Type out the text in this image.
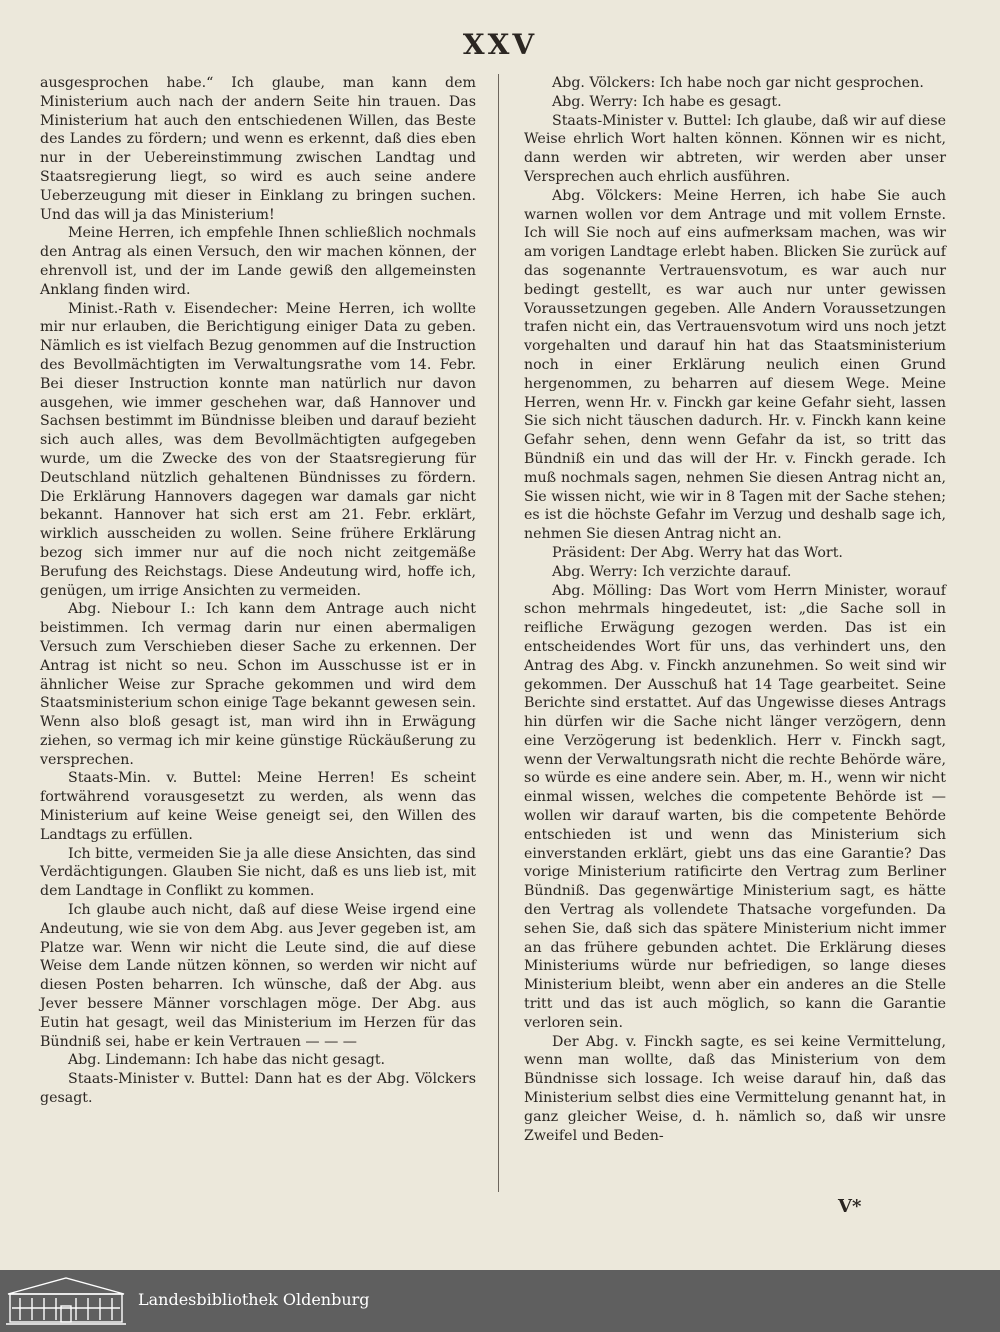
XXV

ausgesprochen habe.“ Ich glaube, man kann dem Ministerium auch nach der andern Seite hin trauen. Das Ministerium hat auch den entschiedenen Willen, das Beste des Landes zu fördern; und wenn es erkennt, daß dies eben nur in der Uebereinstimmung zwischen Landtag und Staatsregierung liegt, so wird es auch seine andere Ueberzeugung mit dieser in Einklang zu bringen suchen. Und das will ja das Ministerium!

Meine Herren, ich empfehle Ihnen schließlich nochmals den Antrag als einen Versuch, den wir machen können, der ehrenvoll ist, und der im Lande gewiß den allgemeinsten Anklang finden wird.

Minist.-Rath v. Eisendecher: Meine Herren, ich wollte mir nur erlauben, die Berichtigung einiger Data zu geben. Nämlich es ist vielfach Bezug genommen auf die Instruction des Bevollmächtigten im Verwaltungsrathe vom 14. Febr. Bei dieser Instruction konnte man natürlich nur davon ausgehen, wie immer geschehen war, daß Hannover und Sachsen bestimmt im Bündnisse bleiben und darauf bezieht sich auch alles, was dem Bevollmächtigten aufgegeben wurde, um die Zwecke des von der Staatsregierung für Deutschland nützlich gehaltenen Bündnisses zu fördern. Die Erklärung Hannovers dagegen war damals gar nicht bekannt. Hannover hat sich erst am 21. Febr. erklärt, wirklich ausscheiden zu wollen. Seine frühere Erklärung bezog sich immer nur auf die noch nicht zeitgemäße Berufung des Reichstags. Diese Andeutung wird, hoffe ich, genügen, um irrige Ansichten zu vermeiden.

Abg. Niebour I.: Ich kann dem Antrage auch nicht beistimmen. Ich vermag darin nur einen abermaligen Versuch zum Verschieben dieser Sache zu erkennen. Der Antrag ist nicht so neu. Schon im Ausschusse ist er in ähnlicher Weise zur Sprache gekommen und wird dem Staatsministerium schon einige Tage bekannt gewesen sein. Wenn also bloß gesagt ist, man wird ihn in Erwägung ziehen, so vermag ich mir keine günstige Rückäußerung zu versprechen.

Staats-Min. v. Buttel: Meine Herren! Es scheint fortwährend vorausgesetzt zu werden, als wenn das Ministerium auf keine Weise geneigt sei, den Willen des Landtags zu erfüllen.

Ich bitte, vermeiden Sie ja alle diese Ansichten, das sind Verdächtigungen. Glauben Sie nicht, daß es uns lieb ist, mit dem Landtage in Conflikt zu kommen.

Ich glaube auch nicht, daß auf diese Weise irgend eine Andeutung, wie sie von dem Abg. aus Jever gegeben ist, am Platze war. Wenn wir nicht die Leute sind, die auf diese Weise dem Lande nützen können, so werden wir nicht auf diesen Posten beharren. Ich wünsche, daß der Abg. aus Jever bessere Männer vorschlagen möge. Der Abg. aus Eutin hat gesagt, weil das Ministerium im Herzen für das Bündniß sei, habe er kein Vertrauen — — —

Abg. Lindemann: Ich habe das nicht gesagt.

Staats-Minister v. Buttel: Dann hat es der Abg. Völckers gesagt.

Abg. Völckers: Ich habe noch gar nicht gesprochen.

Abg. Werry: Ich habe es gesagt.

Staats-Minister v. Buttel: Ich glaube, daß wir auf diese Weise ehrlich Wort halten können. Können wir es nicht, dann werden wir abtreten, wir werden aber unser Versprechen auch ehrlich ausführen.

Abg. Völckers: Meine Herren, ich habe Sie auch warnen wollen vor dem Antrage und mit vollem Ernste. Ich will Sie noch auf eins aufmerksam machen, was wir am vorigen Landtage erlebt haben. Blicken Sie zurück auf das sogenannte Vertrauensvotum, es war auch nur bedingt gestellt, es war auch nur unter gewissen Voraussetzungen gegeben. Alle Andern Voraussetzungen trafen nicht ein, das Vertrauensvotum wird uns noch jetzt vorgehalten und darauf hin hat das Staatsministerium noch in einer Erklärung neulich einen Grund hergenommen, zu beharren auf diesem Wege. Meine Herren, wenn Hr. v. Finckh gar keine Gefahr sieht, lassen Sie sich nicht täuschen dadurch. Hr. v. Finckh kann keine Gefahr sehen, denn wenn Gefahr da ist, so tritt das Bündniß ein und das will der Hr. v. Finckh gerade. Ich muß nochmals sagen, nehmen Sie diesen Antrag nicht an, Sie wissen nicht, wie wir in 8 Tagen mit der Sache stehen; es ist die höchste Gefahr im Verzug und deshalb sage ich, nehmen Sie diesen Antrag nicht an.

Präsident: Der Abg. Werry hat das Wort.

Abg. Werry: Ich verzichte darauf.

Abg. Mölling: Das Wort vom Herrn Minister, worauf schon mehrmals hingedeutet, ist: „die Sache soll in reifliche Erwägung gezogen werden. Das ist ein entscheidendes Wort für uns, das verhindert uns, den Antrag des Abg. v. Finckh anzunehmen. So weit sind wir gekommen. Der Ausschuß hat 14 Tage gearbeitet. Seine Berichte sind erstattet. Auf das Ungewisse dieses Antrags hin dürfen wir die Sache nicht länger verzögern, denn eine Verzögerung ist bedenklich. Herr v. Finckh sagt, wenn der Verwaltungsrath nicht die rechte Behörde wäre, so würde es eine andere sein. Aber, m. H., wenn wir nicht einmal wissen, welches die competente Behörde ist — wollen wir darauf warten, bis die competente Behörde entschieden ist und wenn das Ministerium sich einverstanden erklärt, giebt uns das eine Garantie? Das vorige Ministerium ratificirte den Vertrag zum Berliner Bündniß. Das gegenwärtige Ministerium sagt, es hätte den Vertrag als vollendete Thatsache vorgefunden. Da sehen Sie, daß sich das spätere Ministerium nicht immer an das frühere gebunden achtet. Die Erklärung dieses Ministeriums würde nur befriedigen, so lange dieses Ministerium bleibt, wenn aber ein anderes an die Stelle tritt und das ist auch möglich, so kann die Garantie verloren sein.

Der Abg. v. Finckh sagte, es sei keine Vermittelung, wenn man wollte, daß das Ministerium von dem Bündnisse sich lossage. Ich weise darauf hin, daß das Ministerium selbst dies eine Vermittelung genannt hat, in ganz gleicher Weise, d. h. nämlich so, daß wir unsre Zweifel und Beden-

V*
Landesbibliothek Oldenburg
